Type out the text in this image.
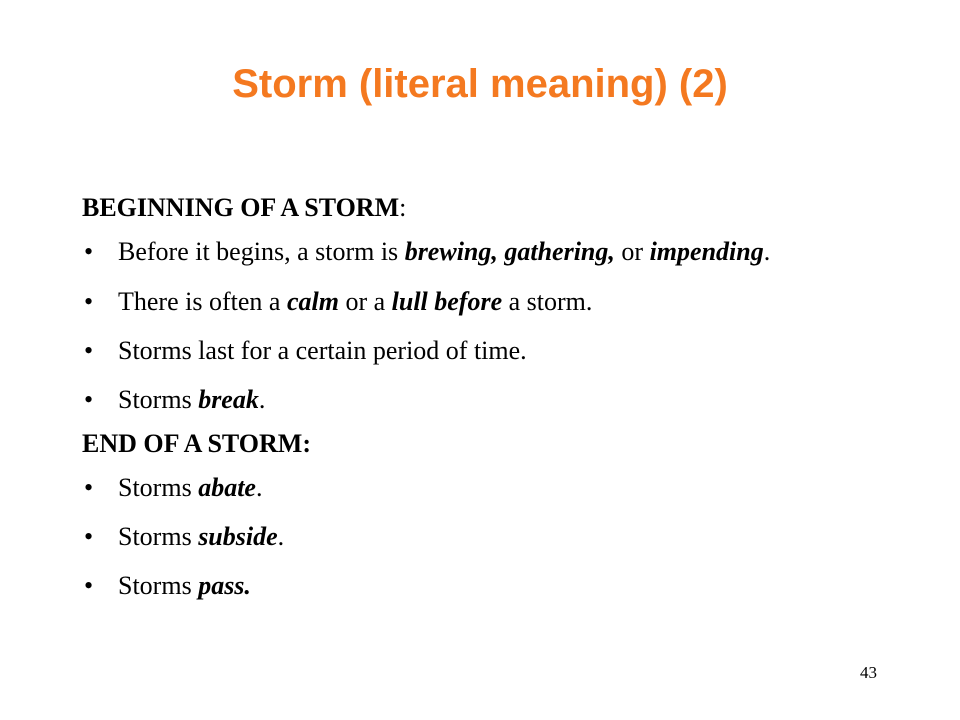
Storm (literal meaning) (2)

BEGINNING OF A STORM:

• Before it begins, a storm is brewing, gathering, or impending.
• There is often a calm or a lull before a storm.
• Storms last for a certain period of time.
• Storms break.

END OF A STORM:

• Storms abate.
• Storms subside.
• Storms pass.
43
